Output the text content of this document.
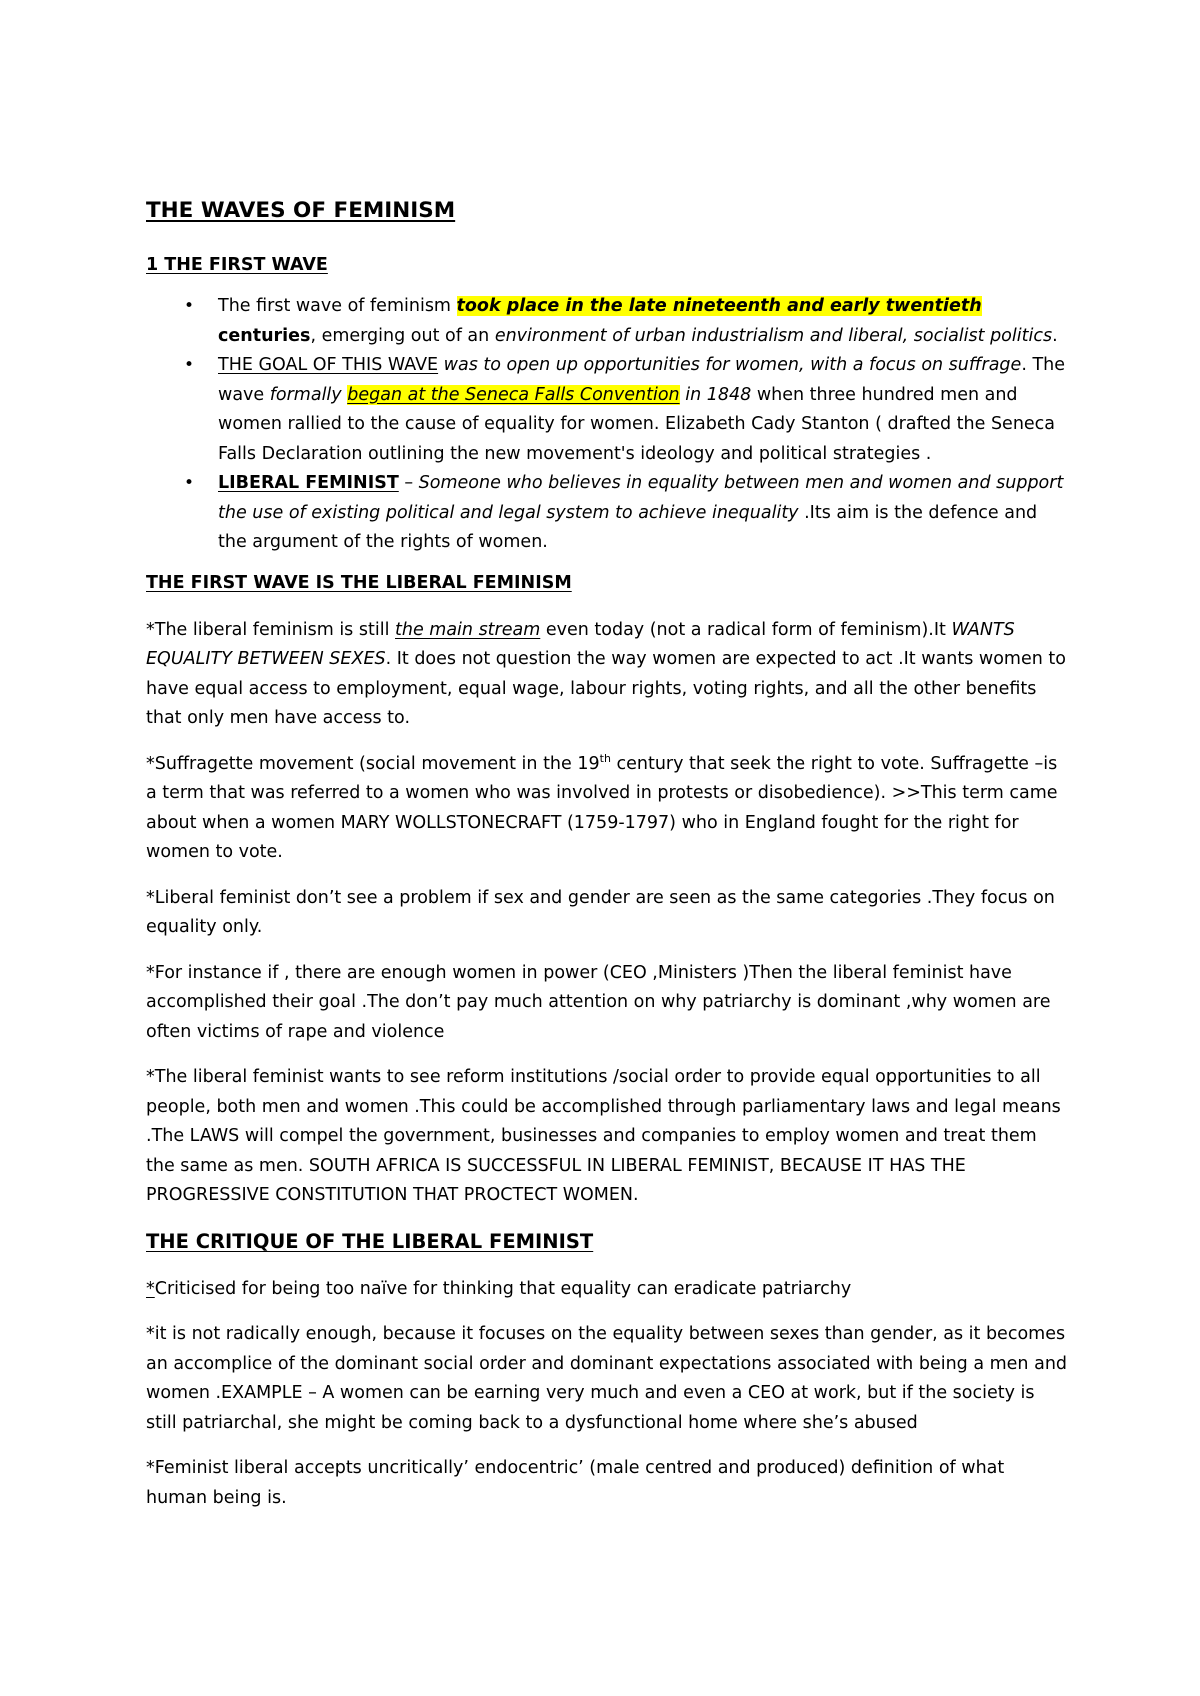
THE WAVES OF FEMINISM
1 THE FIRST WAVE
• The first wave of feminism took place in the late nineteenth and early twentieth centuries, emerging out of an environment of urban industrialism and liberal, socialist politics.
• THE GOAL OF THIS WAVE was to open up opportunities for women, with a focus on suffrage. The wave formally began at the Seneca Falls Convention in 1848 when three hundred men and women rallied to the cause of equality for women. Elizabeth Cady Stanton ( drafted the Seneca Falls Declaration outlining the new movement's ideology and political strategies .
• LIBERAL FEMINIST – Someone who believes in equality between men and women and support the use of existing political and legal system to achieve inequality .Its aim is the defence and the argument of the rights of women.
THE FIRST WAVE IS THE LIBERAL FEMINISM

*The liberal feminism is still the main stream even today (not a radical form of feminism).It WANTS EQUALITY BETWEEN SEXES. It does not question the way women are expected to act .It wants women to have equal access to employment, equal wage, labour rights, voting rights, and all the other benefits that only men have access to.

*Suffragette movement (social movement in the 19th century that seek the right to vote. Suffragette –is a term that was referred to a women who was involved in protests or disobedience). >>This term came about when a women MARY WOLLSTONECRAFT (1759-1797) who in England fought for the right for women to vote.

*Liberal feminist don’t see a problem if sex and gender are seen as the same categories .They focus on equality only.

*For instance if , there are enough women in power (CEO ,Ministers )Then the liberal feminist have accomplished their goal .The don’t pay much attention on why patriarchy is dominant ,why women are often victims of rape and violence

*The liberal feminist wants to see reform institutions /social order to provide equal opportunities to all people, both men and women .This could be accomplished through parliamentary laws and legal means .The LAWS will compel the government, businesses and companies to employ women and treat them the same as men. SOUTH AFRICA IS SUCCESSFUL IN LIBERAL FEMINIST, BECAUSE IT HAS THE PROGRESSIVE CONSTITUTION THAT PROCTECT WOMEN.

THE CRITIQUE OF THE LIBERAL FEMINIST

*Criticised for being too naïve for thinking that equality can eradicate patriarchy

*it is not radically enough, because it focuses on the equality between sexes than gender, as it becomes an accomplice of the dominant social order and dominant expectations associated with being a men and women .EXAMPLE – A women can be earning very much and even a CEO at work, but if the society is still patriarchal, she might be coming back to a dysfunctional home where she’s abused

*Feminist liberal accepts uncritically’ endocentric’ (male centred and produced) definition of what human being is.
